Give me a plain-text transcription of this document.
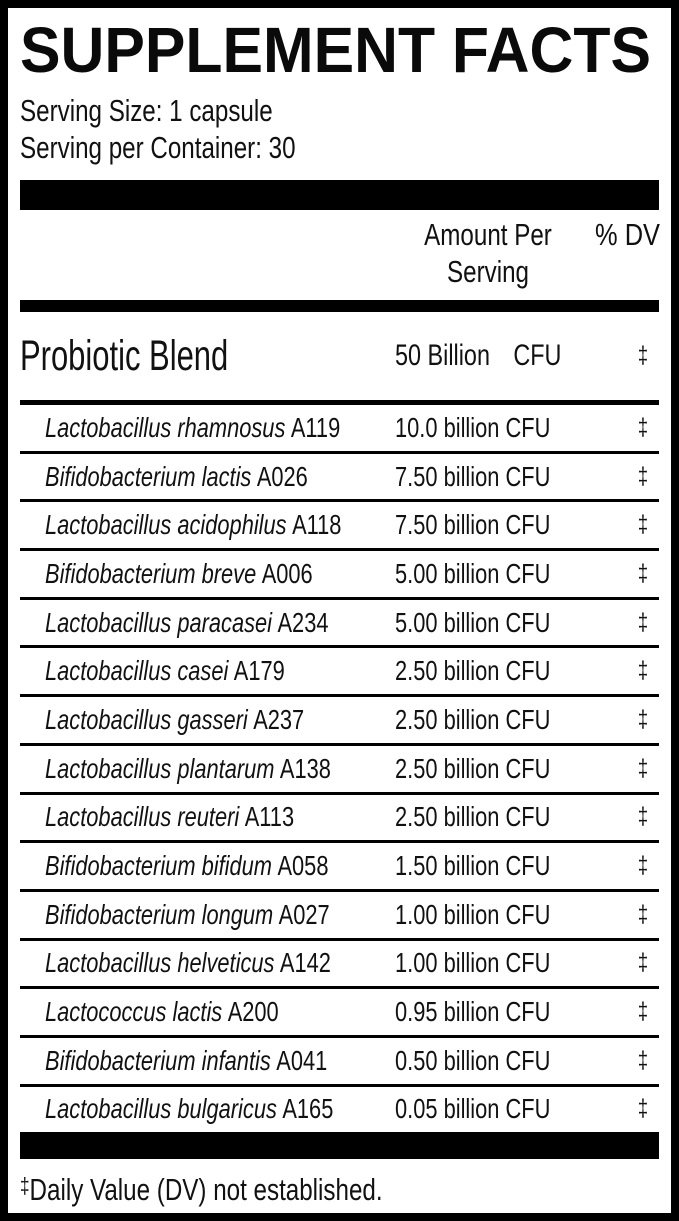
SUPPLEMENT FACTS
Serving Size: 1 capsule
Serving per Container: 30
Amount Per
Serving
% DV
Probiotic Blend	50 Billion CFU	‡
Lactobacillus rhamnosus A119 10.0 billion CFU	‡
Bifidobacterium lactis A026	7.50 billion CFU	‡
Lactobacillus acidophilus A118 7.50 billion CFU	‡
Bifidobacterium breve A006	5.00 billion CFU	‡
Lactobacillus paracasei A234 5.00 billion CFU	‡
Lactobacillus casei A179	2.50 billion CFU	‡
Lactobacillus gasseri A237	2.50 billion CFU	‡
Lactobacillus plantarum A138 2.50 billion CFU	‡
Lactobacillus reuteri A113	2.50 billion CFU	‡
Bifidobacterium bifidum A058 1.50 billion CFU	‡
Bifidobacterium longum A027 1.00 billion CFU	‡
Lactobacillus helveticus A142 1.00 billion CFU	‡
Lactococcus lactis A200	0.95 billion CFU	‡
Bifidobacterium infantis A041 0.50 billion CFU	‡
Lactobacillus bulgaricus A165 0.05 billion CFU	‡
‡Daily Value (DV) not established.
